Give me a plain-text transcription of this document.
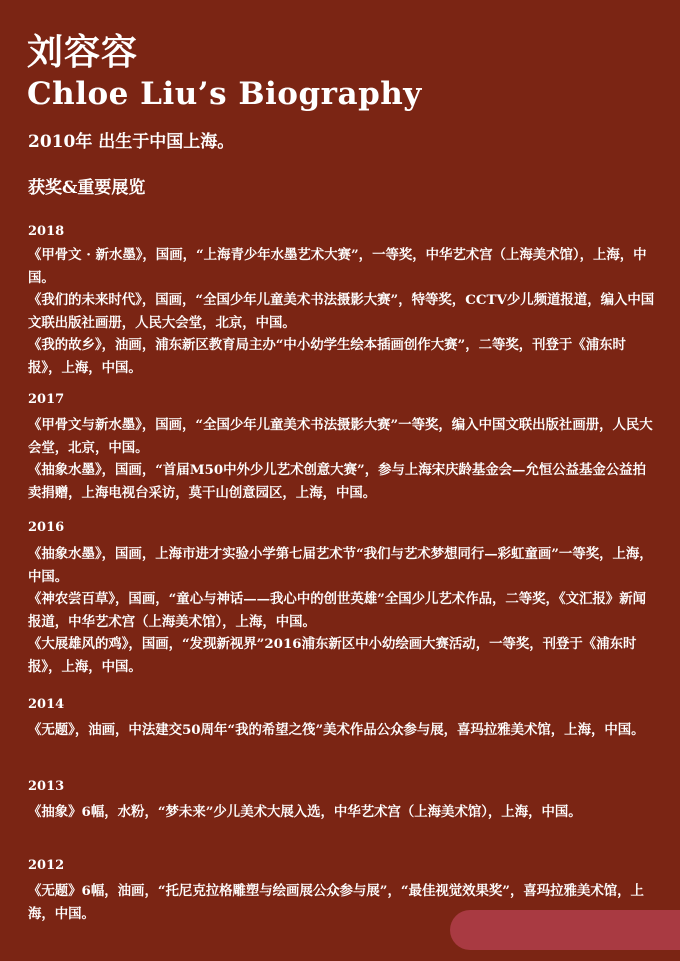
刘容容
Chloe Liu’s Biography
2010年 出生于中国上海。
获奖&重要展览
2018
《甲骨文 · 新水墨》，国画，“上海青少年水墨艺术大赛”，一等奖，中华艺术宫（上海美术馆），上海，中国。
《我们的未来时代》，国画，“全国少年儿童美术书法摄影大赛”，特等奖，CCTV少儿频道报道，编入中国文联出版社画册，人民大会堂，北京，中国。
《我的故乡》，油画，浦东新区教育局主办“中小幼学生绘本插画创作大赛”，二等奖，刊登于《浦东时报》，上海，中国。
2017
《甲骨文与新水墨》，国画，“全国少年儿童美术书法摄影大赛”一等奖，编入中国文联出版社画册，人民大会堂，北京，中国。
《抽象水墨》，国画，“首届M50中外少儿艺术创意大赛”，参与上海宋庆龄基金会—允恒公益基金公益拍卖捐赠，上海电视台采访，莫干山创意园区，上海，中国。
2016
《抽象水墨》，国画，上海市进才实验小学第七届艺术节“我们与艺术梦想同行—彩虹童画”一等奖，上海，中国。
《神农尝百草》，国画，“童心与神话——我心中的创世英雄”全国少儿艺术作品，二等奖，《文汇报》新闻报道，中华艺术宫（上海美术馆），上海，中国。
《大展雄风的鸡》，国画，“发现新视界”2016浦东新区中小幼绘画大赛活动，一等奖，刊登于《浦东时报》，上海，中国。
2014
《无题》，油画，中法建交50周年“我的希望之筏”美术作品公众参与展，喜玛拉雅美术馆，上海，中国。
2013
《抽象》6幅，水粉，“梦未来”少儿美术大展入选，中华艺术宫（上海美术馆），上海，中国。
2012
《无题》6幅，油画，“托尼克拉格雕塑与绘画展公众参与展”，“最佳视觉效果奖”，喜玛拉雅美术馆，上海，中国。
